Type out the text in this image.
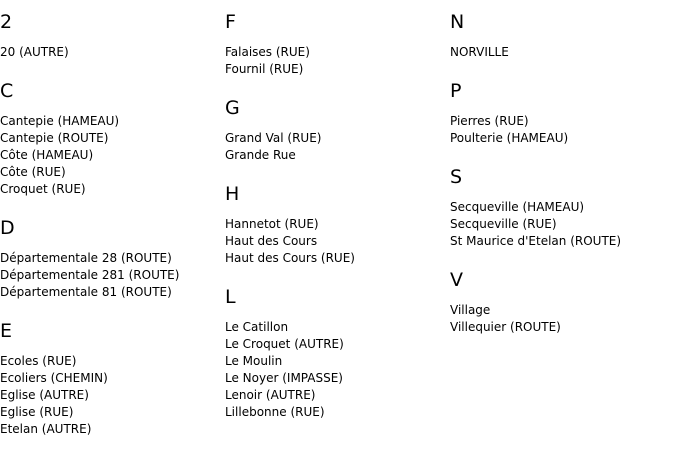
2
20 (AUTRE)
C
Cantepie (HAMEAU)
Cantepie (ROUTE)
Côte (HAMEAU)
Côte (RUE)
Croquet (RUE)
D
Départementale 28 (ROUTE)
Départementale 281 (ROUTE)
Départementale 81 (ROUTE)
E
Ecoles (RUE)
Ecoliers (CHEMIN)
Eglise (AUTRE)
Eglise (RUE)
Etelan (AUTRE)
F
Falaises (RUE)
Fournil (RUE)
G
Grand Val (RUE)
Grande Rue
H
Hannetot (RUE)
Haut des Cours
Haut des Cours (RUE)
L
Le Catillon
Le Croquet (AUTRE)
Le Moulin
Le Noyer (IMPASSE)
Lenoir (AUTRE)
Lillebonne (RUE)
N
NORVILLE
P
Pierres (RUE)
Poulterie (HAMEAU)
S
Secqueville (HAMEAU)
Secqueville (RUE)
St Maurice d'Etelan (ROUTE)
V
Village
Villequier (ROUTE)
